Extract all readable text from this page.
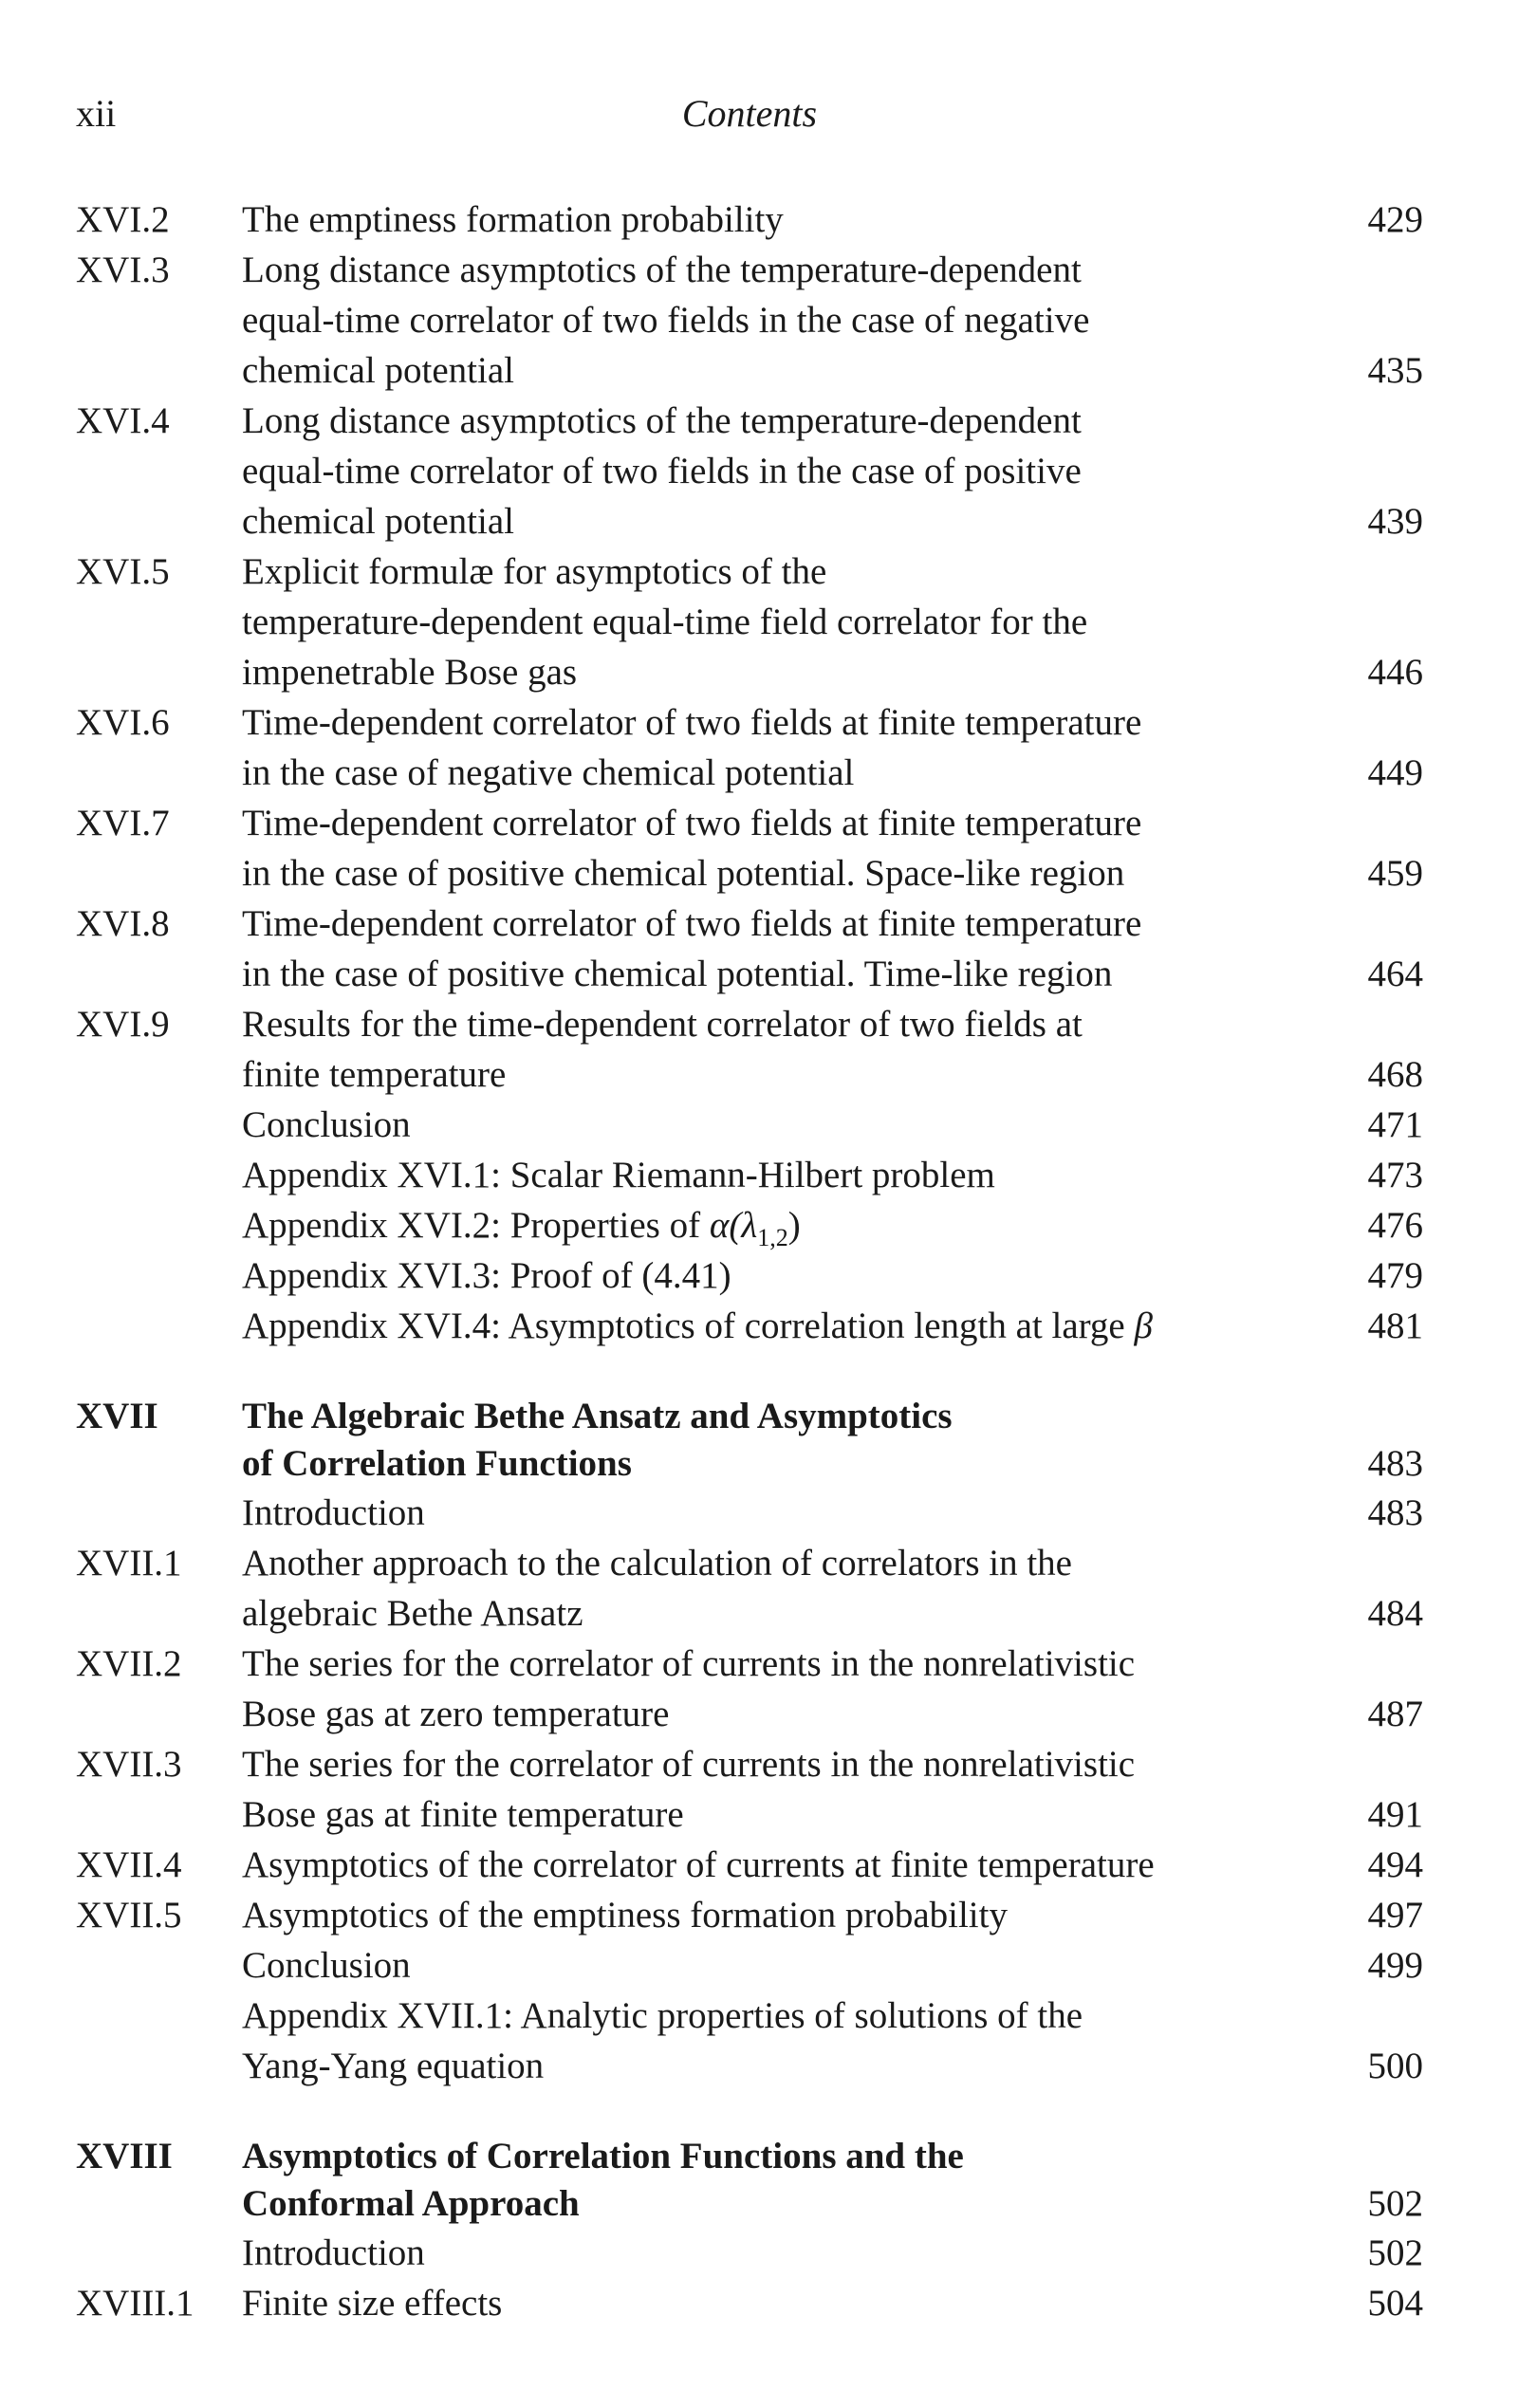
xii	Contents
XVI.2	The emptiness formation probability	429
XVI.3	Long distance asymptotics of the temperature-dependent
equal-time correlator of two fields in the case of negative
chemical potential	435
XVI.4	Long distance asymptotics of the temperature-dependent
equal-time correlator of two fields in the case of positive
chemical potential	439
XVI.5	Explicit formulæ for asymptotics of the
temperature-dependent equal-time field correlator for the
impenetrable Bose gas	446
XVI.6	Time-dependent correlator of two fields at finite temperature
in the case of negative chemical potential	449
XVI.7	Time-dependent correlator of two fields at finite temperature
in the case of positive chemical potential. Space-like region	459
XVI.8	Time-dependent correlator of two fields at finite temperature
in the case of positive chemical potential. Time-like region	464
XVI.9	Results for the time-dependent correlator of two fields at
finite temperature	468
Conclusion	471
Appendix XVI.1: Scalar Riemann-Hilbert problem	473
Appendix XVI.2: Properties of $\alpha(\lambda_{1,2})$	476
Appendix XVI.3: Proof of (4.41)	479
Appendix XVI.4: Asymptotics of correlation length at large β	481
XVII	The Algebraic Bethe Ansatz and Asymptotics
of Correlation Functions	483
Introduction	483
XVII.1	Another approach to the calculation of correlators in the
algebraic Bethe Ansatz	484
XVII.2	The series for the correlator of currents in the nonrelativistic
Bose gas at zero temperature	487
XVII.3	The series for the correlator of currents in the nonrelativistic
Bose gas at finite temperature	491
XVII.4	Asymptotics of the correlator of currents at finite temperature	494
XVII.5	Asymptotics of the emptiness formation probability	497
Conclusion	499
Appendix XVII.1: Analytic properties of solutions of the
Yang-Yang equation	500
XVIII	Asymptotics of Correlation Functions and the
Conformal Approach	502
Introduction	502
XVIII.1	Finite size effects	504
